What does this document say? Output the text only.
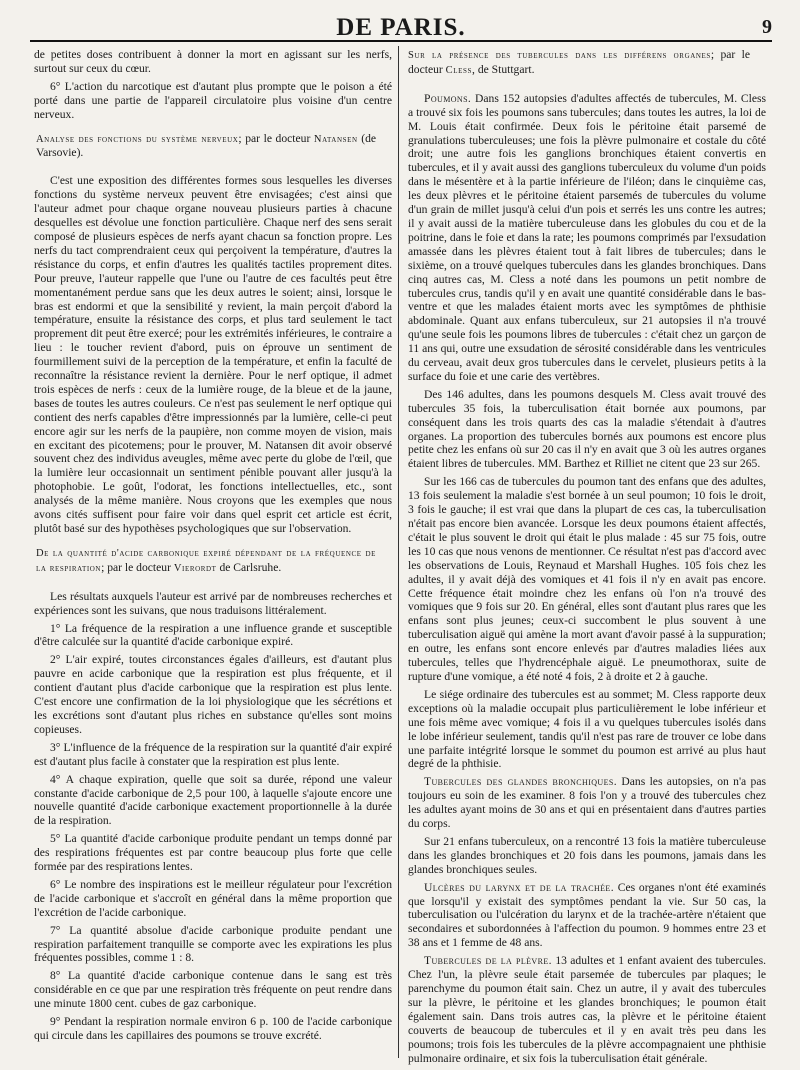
DE PARIS.	9

de petites doses contribuent à donner la mort en agissant sur les nerfs, surtout sur ceux du cœur.

6° L'action du narcotique est d'autant plus prompte que le poison a été porté dans une partie de l'appareil circulatoire plus voisine d'un centre nerveux.

Analyse des fonctions du système nerveux; par le docteur Natansen (de Varsovie).

C'est une exposition des différentes formes sous lesquelles les diverses fonctions du système nerveux peuvent être envisagées; c'est ainsi que l'auteur admet pour chaque organe nouveau plusieurs parties à chacune desquelles est dévolue une fonction particulière. Chaque nerf des sens serait composé de plusieurs espèces de nerfs ayant chacun sa fonction propre. Les nerfs du tact comprendraient ceux qui perçoivent la température, d'autres la résistance du corps, et enfin d'autres les qualités tactiles proprement dites. Pour preuve, l'auteur rappelle que l'une ou l'autre de ces facultés peut être momentanément perdue sans que les deux autres le soient; ainsi, lorsque le bras est endormi et que la sensibilité y revient, la main perçoit d'abord la température, ensuite la résistance des corps, et plus tard seulement le tact proprement dit peut être exercé; pour les extrémités inférieures, le contraire a lieu : le toucher revient d'abord, puis on éprouve un sentiment de fourmillement suivi de la perception de la température, et enfin la faculté de reconnaître la résistance revient la dernière. Pour le nerf optique, il admet trois espèces de nerfs : ceux de la lumière rouge, de la bleue et de la jaune, bases de toutes les autres couleurs. Ce n'est pas seulement le nerf optique qui contient des nerfs capables d'être impressionnés par la lumière, celle-ci peut encore agir sur les nerfs de la paupière, non comme moyen de vision, mais en excitant des picotemens; pour le prouver, M. Natansen dit avoir observé souvent chez des individus aveugles, même avec perte du globe de l'œil, que la lumière leur occasionnait un sentiment pénible pouvant aller jusqu'à la photophobie. Le goût, l'odorat, les fonctions intellectuelles, etc., sont analysés de la même manière. Nous croyons que les exemples que nous avons cités suffisent pour faire voir dans quel esprit cet article est écrit, plutôt basé sur des hypothèses psychologiques que sur l'observation.

De la quantité d'acide carbonique expiré dépendant de la fréquence de la respiration; par le docteur Vierordt de Carlsruhe.

Les résultats auxquels l'auteur est arrivé par de nombreuses recherches et expériences sont les suivans, que nous traduisons littéralement.

1° La fréquence de la respiration a une influence grande et susceptible d'être calculée sur la quantité d'acide carbonique expiré.

2° L'air expiré, toutes circonstances égales d'ailleurs, est d'autant plus pauvre en acide carbonique que la respiration est plus fréquente, et il contient d'autant plus d'acide carbonique que la respiration est plus lente. C'est encore une confirmation de la loi physiologique que les sécrétions et les excrétions sont d'autant plus riches en substance qu'elles sont moins copieuses.

3° L'influence de la fréquence de la respiration sur la quantité d'air expiré est d'autant plus facile à constater que la respiration est plus lente.

4° A chaque expiration, quelle que soit sa durée, répond une valeur constante d'acide carbonique de 2,5 pour 100, à laquelle s'ajoute encore une nouvelle quantité d'acide carbonique exactement proportionnelle à la durée de la respiration.

5° La quantité d'acide carbonique produite pendant un temps donné par des respirations fréquentes est par contre beaucoup plus forte que celle formée par des respirations lentes.

6° Le nombre des inspirations est le meilleur régulateur pour l'excrétion de l'acide carbonique et s'accroît en général dans la même proportion que l'excrétion de l'acide carbonique.

7° La quantité absolue d'acide carbonique produite pendant une respiration parfaitement tranquille se comporte avec les expirations les plus fréquentes possibles, comme 1 : 8.

8° La quantité d'acide carbonique contenue dans le sang est très considérable en ce que par une respiration très fréquente on peut rendre dans une minute 1800 cent. cubes de gaz carbonique.

9° Pendant la respiration normale environ 6 p. 100 de l'acide carbonique qui circule dans les capillaires des poumons se trouve excrété.

Sur la présence des tubercules dans les différens organes; par le docteur Cless, de Stuttgart.

Poumons. Dans 152 autopsies d'adultes affectés de tubercules, M. Cless a trouvé six fois les poumons sans tubercules; dans toutes les autres, la loi de M. Louis était confirmée. Deux fois le péritoine était parsemé de granulations tuberculeuses; une fois la plèvre pulmonaire et costale du côté droit; une autre fois les ganglions bronchiques étaient convertis en tubercules, et il y avait aussi des ganglions tuberculeux du volume d'un poids dans le mésentère et à la partie inférieure de l'iléon; dans le cinquième cas, les deux plèvres et le péritoine étaient parsemés de tubercules du volume d'un grain de millet jusqu'à celui d'un pois et serrés les uns contre les autres; il y avait aussi de la matière tuberculeuse dans les globules du cou et de la poitrine, dans le foie et dans la rate; les poumons comprimés par l'exsudation amassée dans les plèvres étaient tout à fait libres de tubercules; dans le sixième, on a trouvé quelques tubercules dans les glandes bronchiques. Dans cinq autres cas, M. Cless a noté dans les poumons un petit nombre de tubercules crus, tandis qu'il y en avait une quantité considérable dans le bas-ventre et que les malades étaient morts avec les symptômes de phthisie abdominale. Quant aux enfans tuberculeux, sur 21 autopsies il n'a trouvé qu'une seule fois les poumons libres de tubercules : c'était chez un garçon de 11 ans qui, outre une exsudation de sérosité considérable dans les ventricules du cerveau, avait deux gros tubercules dans le cervelet, plusieurs petits à la surface du foie et une carie des vertèbres.

Des 146 adultes, dans les poumons desquels M. Cless avait trouvé des tubercules 35 fois, la tuberculisation était bornée aux poumons, par conséquent dans les trois quarts des cas la maladie s'étendait à d'autres organes. La proportion des tubercules bornés aux poumons est encore plus petite chez les enfans où sur 20 cas il n'y en avait que 3 où les autres organes étaient libres de tubercules. MM. Barthez et Rilliet ne citent que 23 sur 265.

Sur les 166 cas de tubercules du poumon tant des enfans que des adultes, 13 fois seulement la maladie s'est bornée à un seul poumon; 10 fois le droit, 3 fois le gauche; il est vrai que dans la plupart de ces cas, la tuberculisation n'était pas encore bien avancée. Lorsque les deux poumons étaient affectés, c'était le plus souvent le droit qui était le plus malade : 45 sur 75 fois, outre les 10 cas que nous venons de mentionner. Ce résultat n'est pas d'accord avec les observations de Louis, Reynaud et Marshall Hughes. 105 fois chez les adultes, il y avait déjà des vomiques et 41 fois il n'y en avait pas encore. Cette fréquence était moindre chez les enfans où l'on n'a trouvé des vomiques que 9 fois sur 20. En général, elles sont d'autant plus rares que les enfans sont plus jeunes; ceux-ci succombent le plus souvent à une tuberculisation aiguë qui amène la mort avant d'avoir passé à la suppuration; en outre, les enfans sont encore enlevés par d'autres maladies liées aux tubercules, telles que l'hydrencéphale aiguë. Le pneumothorax, suite de rupture d'une vomique, a été noté 4 fois, 2 à droite et 2 à gauche.

Le siége ordinaire des tubercules est au sommet; M. Cless rapporte deux exceptions où la maladie occupait plus particulièrement le lobe inférieur et une fois même avec vomique; 4 fois il a vu quelques tubercules isolés dans le lobe inférieur seulement, tandis qu'il n'est pas rare de trouver ce lobe dans une parfaite intégrité lorsque le sommet du poumon est arrivé au plus haut degré de la phthisie.

Tubercules des glandes bronchiques. Dans les autopsies, on n'a pas toujours eu soin de les examiner. 8 fois l'on y a trouvé des tubercules chez les adultes ayant moins de 30 ans et qui en présentaient dans d'autres parties du corps.

Sur 21 enfans tuberculeux, on a rencontré 13 fois la matière tuberculeuse dans les glandes bronchiques et 20 fois dans les poumons, jamais dans les glandes bronchiques seules.

Ulcères du larynx et de la trachée. Ces organes n'ont été examinés que lorsqu'il y existait des symptômes pendant la vie. Sur 50 cas, la tuberculisation ou l'ulcération du larynx et de la trachée-artère n'étaient que secondaires et subordonnées à l'affection du poumon. 9 hommes entre 23 et 38 ans et 1 femme de 48 ans.

Tubercules de la plèvre. 13 adultes et 1 enfant avaient des tubercules. Chez l'un, la plèvre seule était parsemée de tubercules par plaques; le parenchyme du poumon était sain. Chez un autre, il y avait des tubercules sur la plèvre, le péritoine et les glandes bronchiques; le poumon était également sain. Dans trois autres cas, la plèvre et le péritoine étaient couverts de beaucoup de tubercules et il y en avait très peu dans les poumons; trois fois les tubercules de la plèvre accompagnaient une phthisie pulmonaire ordinaire, et six fois la tuberculisation était générale.
